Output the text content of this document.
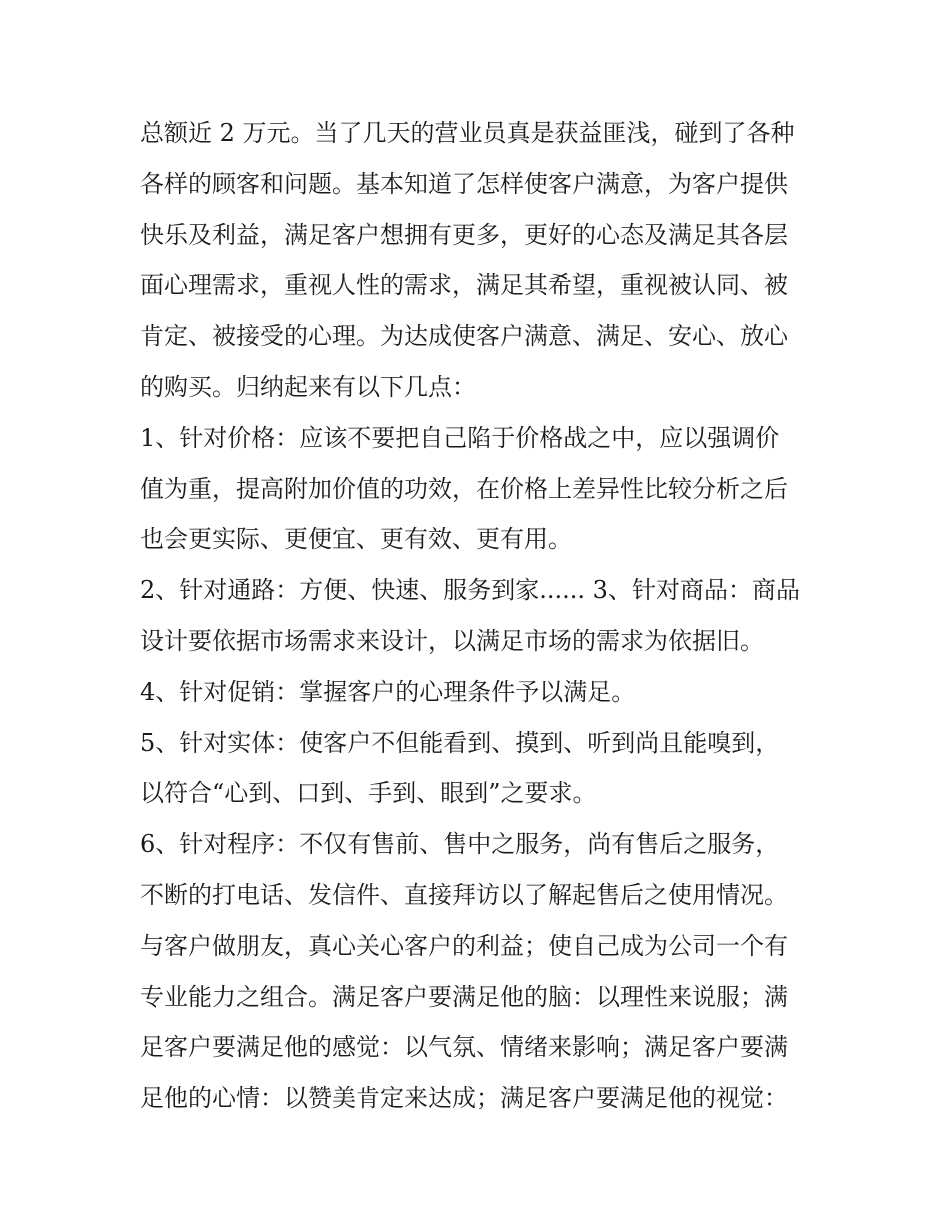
总额近 2 万元。当了几天的营业员真是获益匪浅，碰到了各种
各样的顾客和问题。基本知道了怎样使客户满意，为客户提供
快乐及利益，满足客户想拥有更多，更好的心态及满足其各层
面心理需求，重视人性的需求，满足其希望，重视被认同、被
肯定、被接受的心理。为达成使客户满意、满足、安心、放心
的购买。归纳起来有以下几点：
1、针对价格：应该不要把自己陷于价格战之中，应以强调价
值为重，提高附加价值的功效，在价格上差异性比较分析之后
也会更实际、更便宜、更有效、更有用。
2、针对通路：方便、快速、服务到家...... 3、针对商品：商品
设计要依据市场需求来设计，以满足市场的需求为依据旧。
4、针对促销：掌握客户的心理条件予以满足。
5、针对实体：使客户不但能看到、摸到、听到尚且能嗅到，
以符合“心到、口到、手到、眼到”之要求。
6、针对程序：不仅有售前、售中之服务，尚有售后之服务，
不断的打电话、发信件、直接拜访以了解起售后之使用情况。
与客户做朋友，真心关心客户的利益；使自己成为公司一个有
专业能力之组合。满足客户要满足他的脑：以理性来说服；满
足客户要满足他的感觉：以气氛、情绪来影响；满足客户要满
足他的心情：以赞美肯定来达成；满足客户要满足他的视觉：
